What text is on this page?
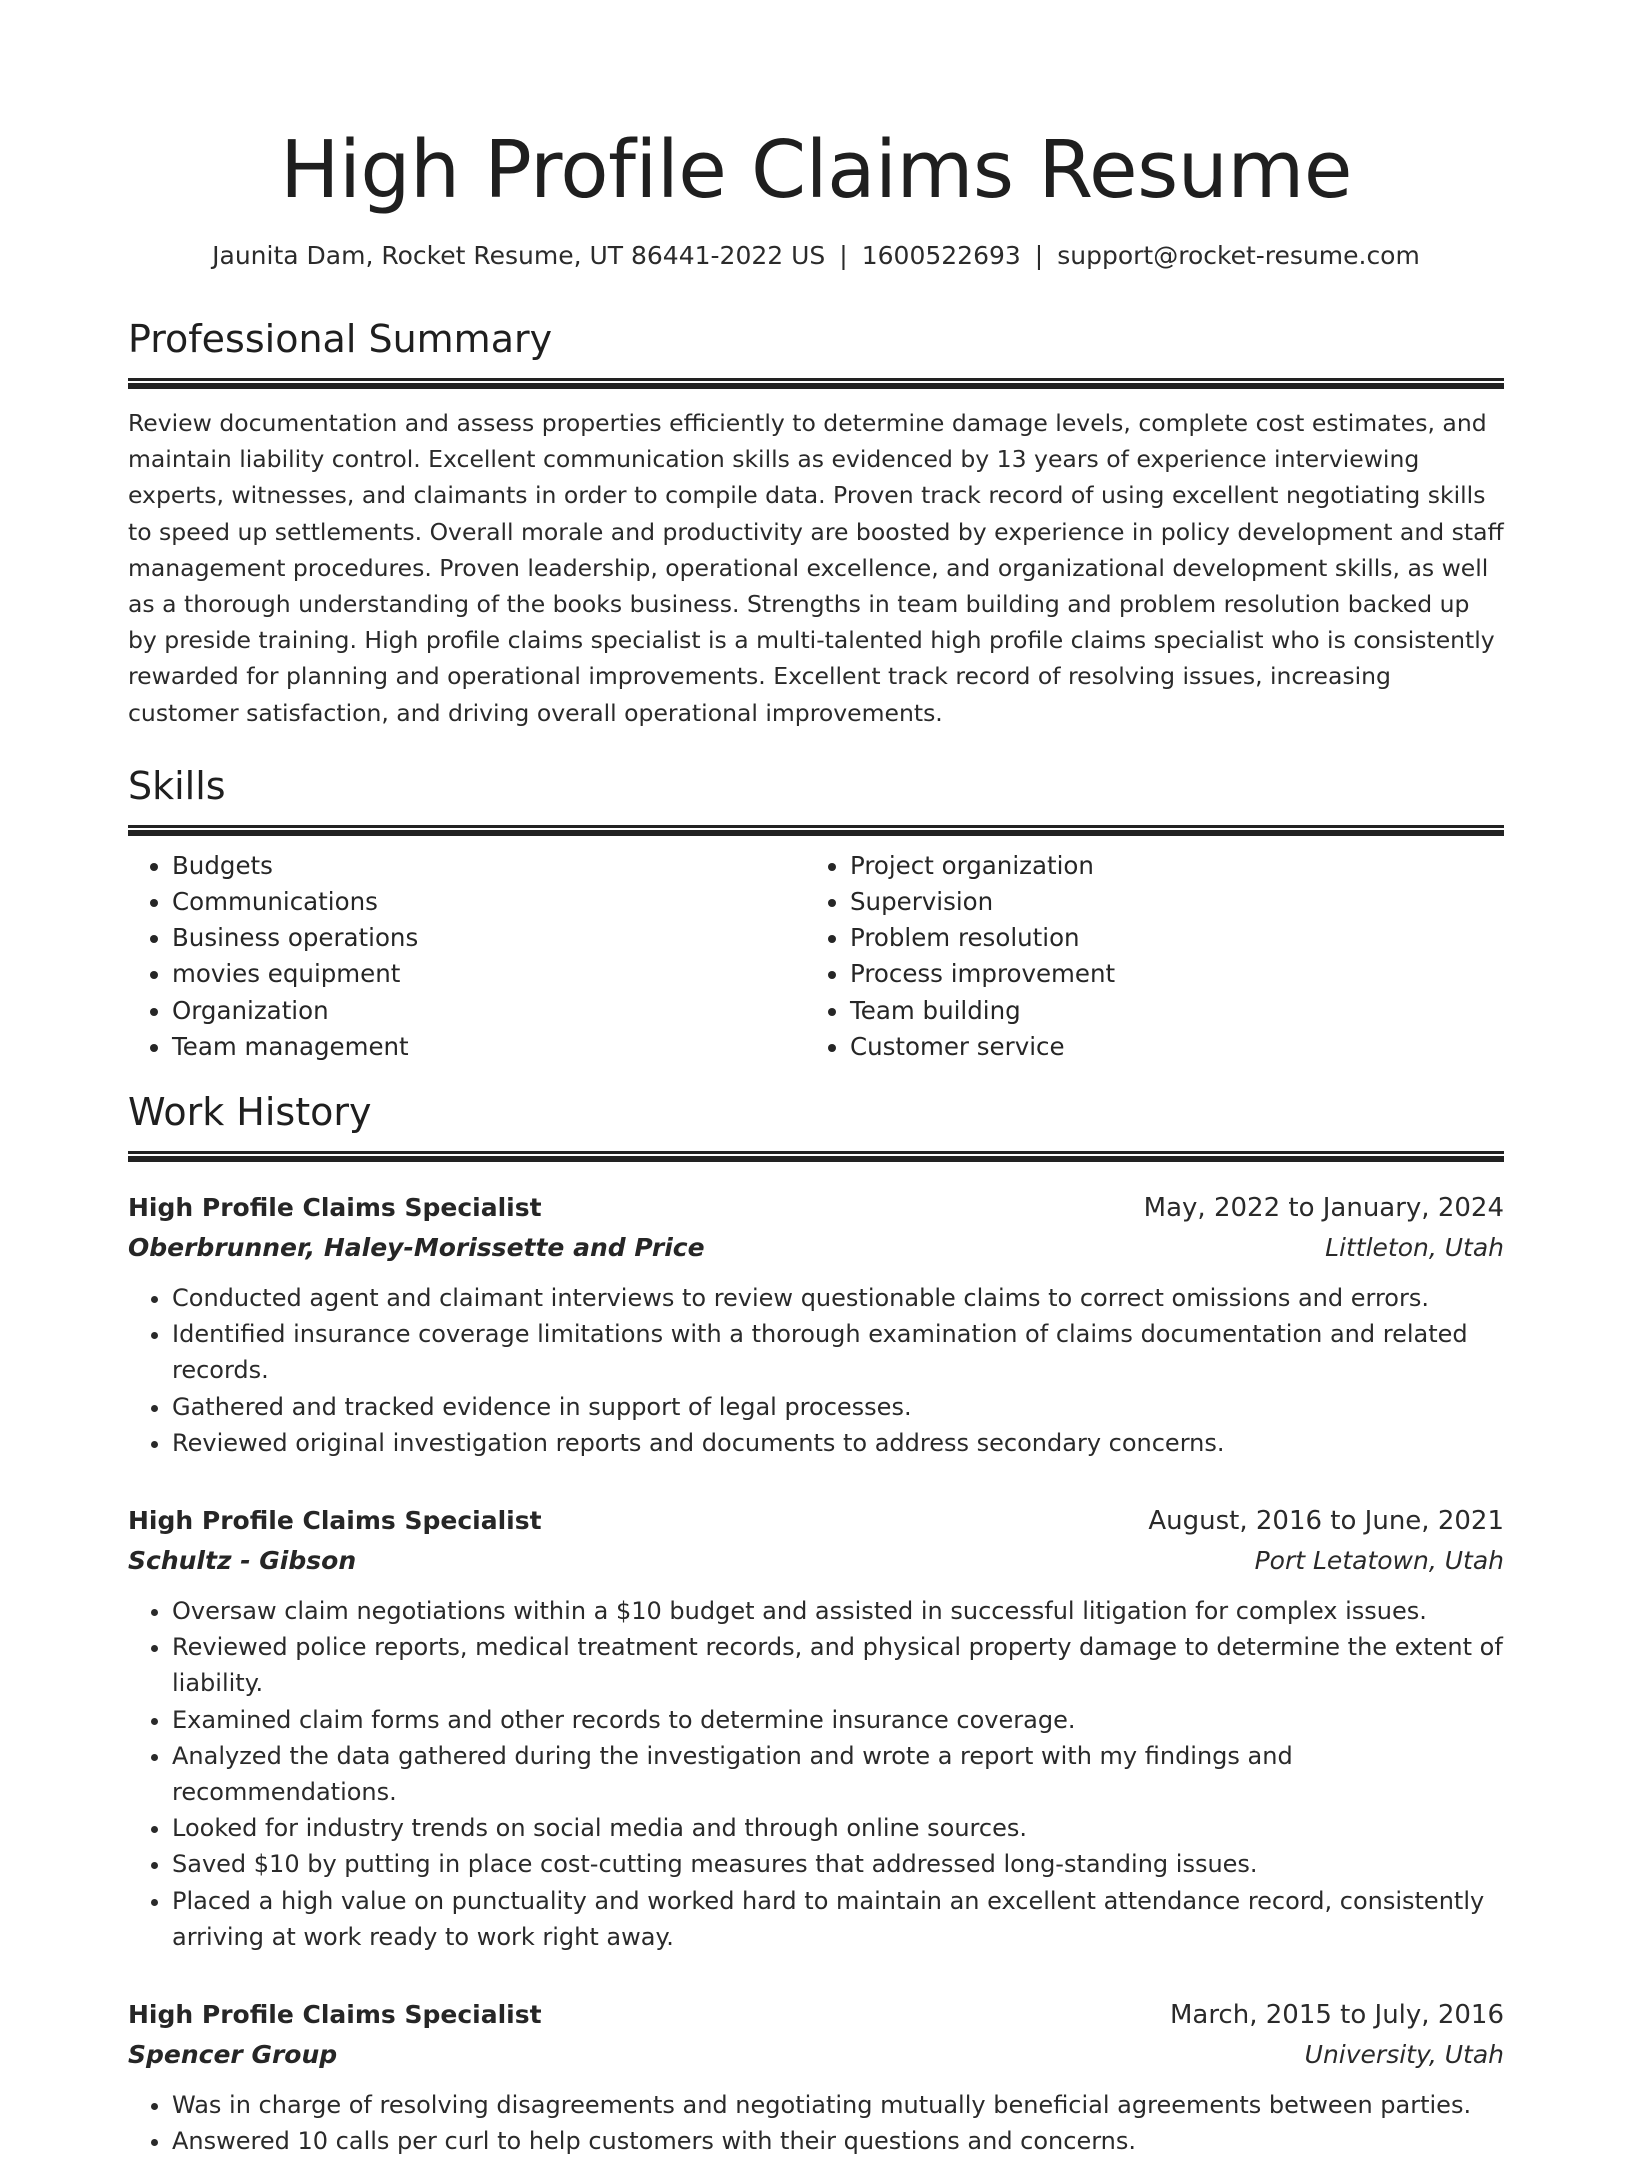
High Profile Claims Resume
Jaunita Dam, Rocket Resume, UT 86441-2022 US | 1600522693 | support@rocket-resume.com
Professional Summary

Review documentation and assess properties efficiently to determine damage levels, complete cost estimates, and maintain liability control. Excellent communication skills as evidenced by 13 years of experience interviewing experts, witnesses, and claimants in order to compile data. Proven track record of using excellent negotiating skills to speed up settlements. Overall morale and productivity are boosted by experience in policy development and staff management procedures. Proven leadership, operational excellence, and organizational development skills, as well as a thorough understanding of the books business. Strengths in team building and problem resolution backed up by preside training. High profile claims specialist is a multi-talented high profile claims specialist who is consistently rewarded for planning and operational improvements. Excellent track record of resolving issues, increasing customer satisfaction, and driving overall operational improvements.

Skills
• Budgets
• Communications
• Business operations
• movies equipment
• Organization
• Team management
• Project organization
• Supervision
• Problem resolution
• Process improvement
• Team building
• Customer service
Work History
High Profile Claims Specialist	May, 2022 to January, 2024
Oberbrunner, Haley-Morissette and Price	Littleton, Utah
• Conducted agent and claimant interviews to review questionable claims to correct omissions and errors.
• Identified insurance coverage limitations with a thorough examination of claims documentation and related records.
• Gathered and tracked evidence in support of legal processes.
• Reviewed original investigation reports and documents to address secondary concerns.
High Profile Claims Specialist	August, 2016 to June, 2021
Schultz - Gibson	Port Letatown, Utah
• Oversaw claim negotiations within a $10 budget and assisted in successful litigation for complex issues.
• Reviewed police reports, medical treatment records, and physical property damage to determine the extent of liability.
• Examined claim forms and other records to determine insurance coverage.
• Analyzed the data gathered during the investigation and wrote a report with my findings and recommendations.
• Looked for industry trends on social media and through online sources.
• Saved $10 by putting in place cost-cutting measures that addressed long-standing issues.
• Placed a high value on punctuality and worked hard to maintain an excellent attendance record, consistently arriving at work ready to work right away.
High Profile Claims Specialist	March, 2015 to July, 2016
Spencer Group	University, Utah
• Was in charge of resolving disagreements and negotiating mutually beneficial agreements between parties.
• Answered 10 calls per curl to help customers with their questions and concerns.
